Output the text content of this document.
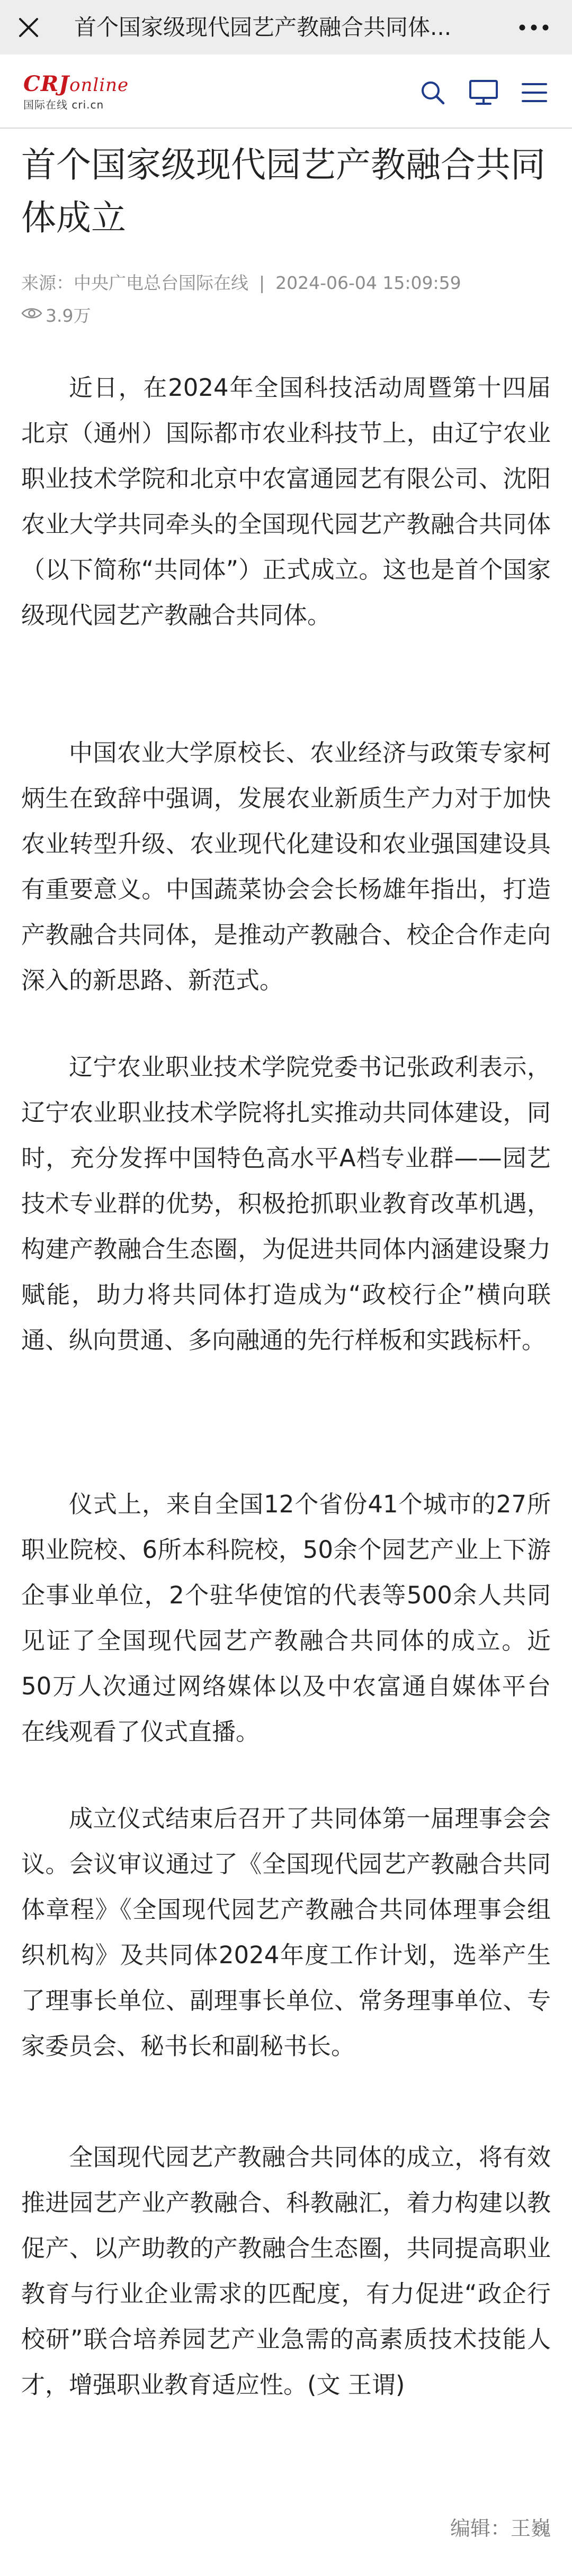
首个国家级现代园艺产教融合共同体...
CRJonline
国际在线 cri.cn
首个国家级现代园艺产教融合共同体成立
来源：中央广电总台国际在线 | 2024-06-04 15:09:59
3.9万

近日，在2024年全国科技活动周暨第十四届北京（通州）国际都市农业科技节上，由辽宁农业职业技术学院和北京中农富通园艺有限公司、沈阳农业大学共同牵头的全国现代园艺产教融合共同体（以下简称“共同体”）正式成立。这也是首个国家级现代园艺产教融合共同体。

中国农业大学原校长、农业经济与政策专家柯炳生在致辞中强调，发展农业新质生产力对于加快农业转型升级、农业现代化建设和农业强国建设具有重要意义。中国蔬菜协会会长杨雄年指出，打造产教融合共同体，是推动产教融合、校企合作走向深入的新思路、新范式。

辽宁农业职业技术学院党委书记张政利表示，辽宁农业职业技术学院将扎实推动共同体建设，同时，充分发挥中国特色高水平A档专业群——园艺技术专业群的优势，积极抢抓职业教育改革机遇，构建产教融合生态圈，为促进共同体内涵建设聚力赋能，助力将共同体打造成为“政校行企”横向联通、纵向贯通、多向融通的先行样板和实践标杆。

仪式上，来自全国12个省份41个城市的27所职业院校、6所本科院校，50余个园艺产业上下游企事业单位，2个驻华使馆的代表等500余人共同见证了全国现代园艺产教融合共同体的成立。近50万人次通过网络媒体以及中农富通自媒体平台在线观看了仪式直播。

成立仪式结束后召开了共同体第一届理事会会议。会议审议通过了《全国现代园艺产教融合共同体章程》《全国现代园艺产教融合共同体理事会组织机构》及共同体2024年度工作计划，选举产生了理事长单位、副理事长单位、常务理事单位、专家委员会、秘书长和副秘书长。

全国现代园艺产教融合共同体的成立，将有效推进园艺产业产教融合、科教融汇，着力构建以教促产、以产助教的产教融合生态圈，共同提高职业教育与行业企业需求的匹配度，有力促进“政企行校研”联合培养园艺产业急需的高素质技术技能人才，增强职业教育适应性。(文 王谓)

编辑：王巍
